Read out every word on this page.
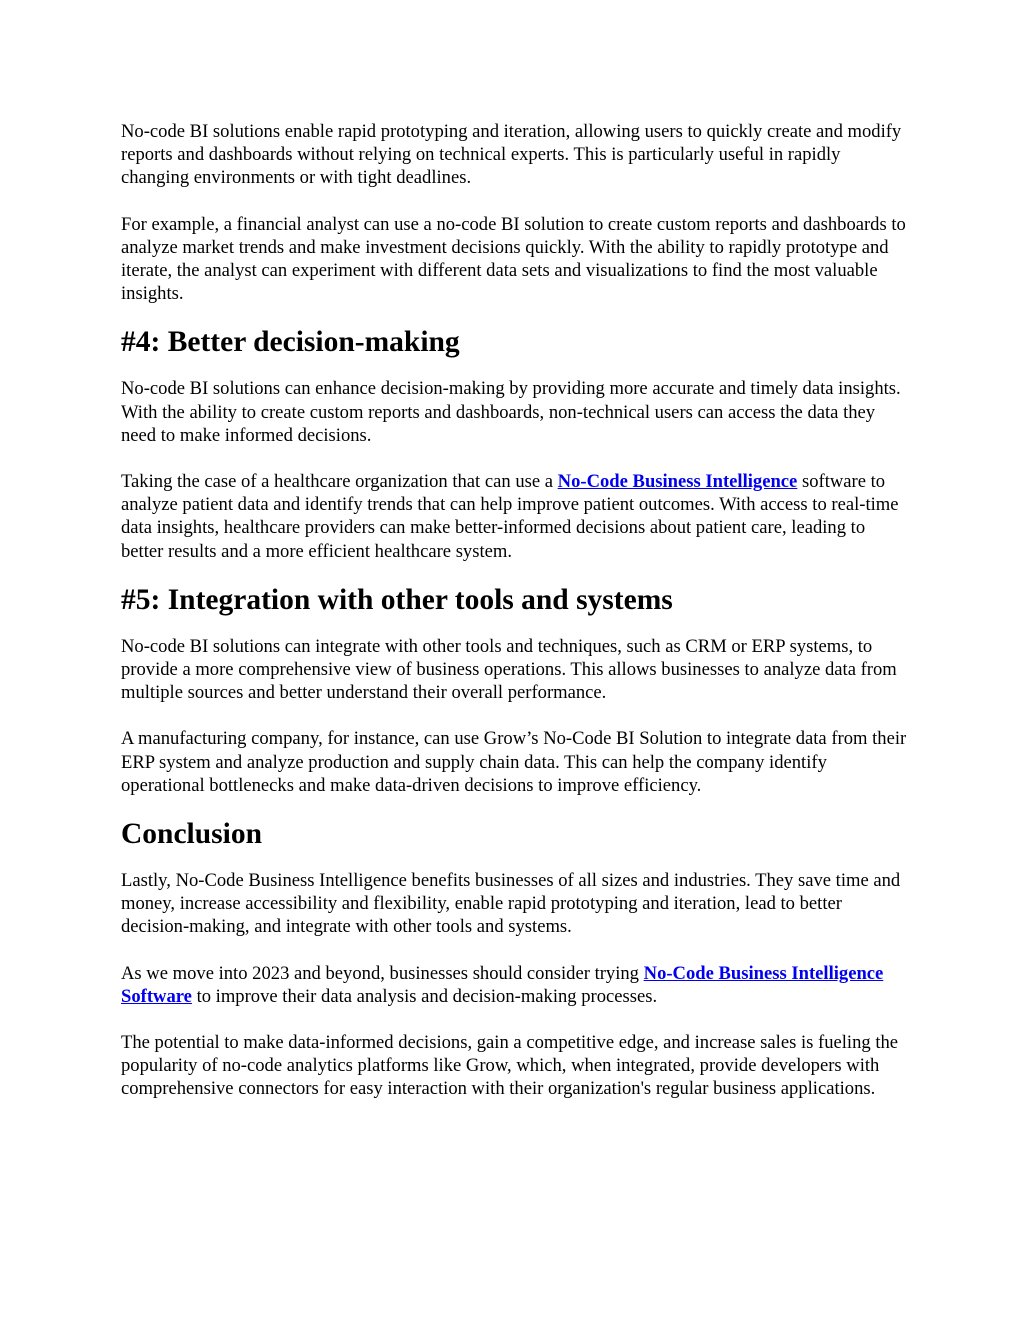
No-code BI solutions enable rapid prototyping and iteration, allowing users to quickly create and modify reports and dashboards without relying on technical experts. This is particularly useful in rapidly changing environments or with tight deadlines.

For example, a financial analyst can use a no-code BI solution to create custom reports and dashboards to analyze market trends and make investment decisions quickly. With the ability to rapidly prototype and iterate, the analyst can experiment with different data sets and visualizations to find the most valuable insights.

#4: Better decision-making

No-code BI solutions can enhance decision-making by providing more accurate and timely data insights. With the ability to create custom reports and dashboards, non-technical users can access the data they need to make informed decisions.

Taking the case of a healthcare organization that can use a No-Code Business Intelligence software to analyze patient data and identify trends that can help improve patient outcomes. With access to real-time data insights, healthcare providers can make better-informed decisions about patient care, leading to better results and a more efficient healthcare system.

#5: Integration with other tools and systems

No-code BI solutions can integrate with other tools and techniques, such as CRM or ERP systems, to provide a more comprehensive view of business operations. This allows businesses to analyze data from multiple sources and better understand their overall performance.

A manufacturing company, for instance, can use Grow’s No-Code BI Solution to integrate data from their ERP system and analyze production and supply chain data. This can help the company identify operational bottlenecks and make data-driven decisions to improve efficiency.

Conclusion

Lastly, No-Code Business Intelligence benefits businesses of all sizes and industries. They save time and money, increase accessibility and flexibility, enable rapid prototyping and iteration, lead to better decision-making, and integrate with other tools and systems.

As we move into 2023 and beyond, businesses should consider trying No-Code Business Intelligence Software to improve their data analysis and decision-making processes.

The potential to make data-informed decisions, gain a competitive edge, and increase sales is fueling the popularity of no-code analytics platforms like Grow, which, when integrated, provide developers with comprehensive connectors for easy interaction with their organization's regular business applications.
